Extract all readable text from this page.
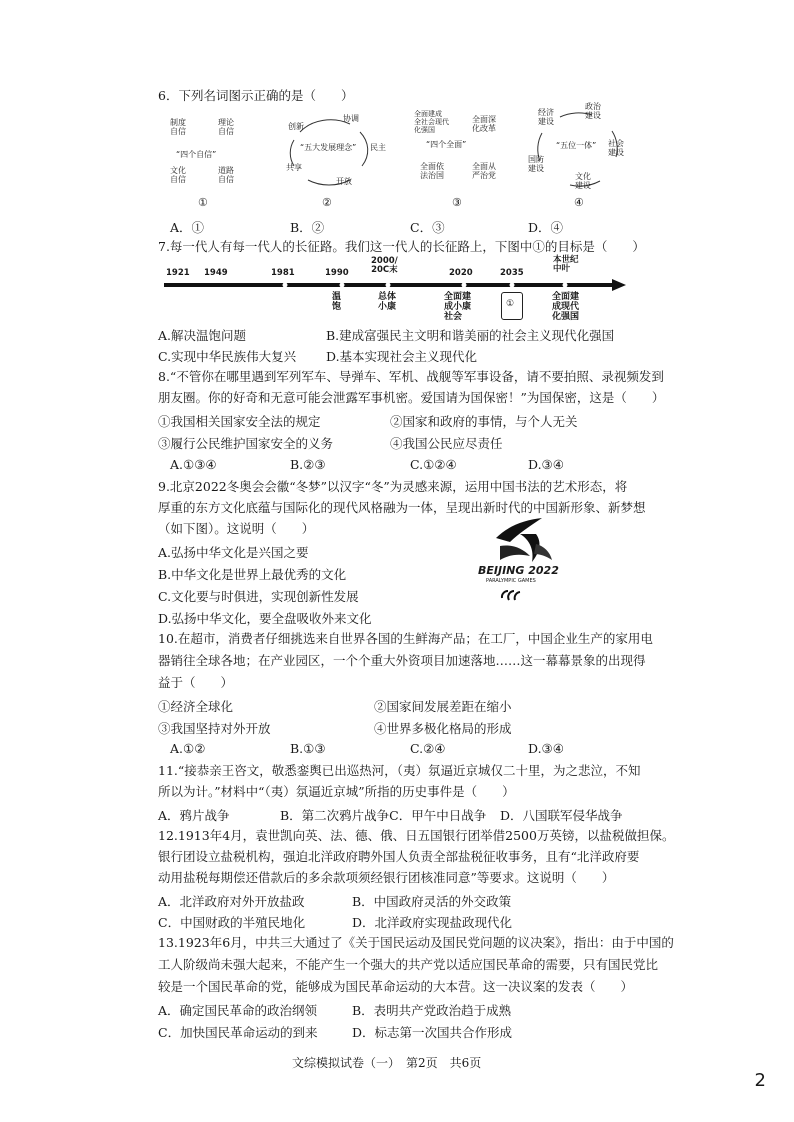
6．下列名词图示正确的是（　　）
制度
自信
理论
自信
“四个自信”
文化
自信
道路
自信
①
协调
创新
民主
“五大发展理念”
共享
开放
②
全面建成
全社会现代
化强国
全面深
化改革
“四个全面”
全面依
法治国
全面从
严治党
③
经济
建设
政治
建设
“五位一体” 社会
建设
国防
建设
文化
建设
④
A．①	B．②	C．③	D．④
7.每一代人有每一代人的长征路。我们这一代人的长征路上，下图中①的目标是（　　）
1921 1949	1981	1990
2000/
20C末	2020	2035
本世纪
中叶
温
饱
总体
小康
全面建
成小康
社会
①
全面建
成现代
化强国
A.解决温饱问题	B.建成富强民主文明和谐美丽的社会主义现代化强国
C.实现中华民族伟大复兴 D.基本实现社会主义现代化
8.“不管你在哪里遇到军列军车、导弹车、军机、战舰等军事设备，请不要拍照、录视频发到
朋友圈。你的好奇和无意可能会泄露军事机密。爱国请为国保密！”为国保密，这是（　　）
①我国相关国家安全法的规定	②国家和政府的事情，与个人无关
③履行公民维护国家安全的义务	④我国公民应尽责任
A.①③④	B.②③	C.①②④	D.③④
9.北京2022冬奥会会徽“冬梦”以汉字“冬”为灵感来源，运用中国书法的艺术形态，将
厚重的东方文化底蕴与国际化的现代风格融为一体，呈现出新时代的中国新形象、新梦想
（如下图）。这说明（　　）
A.弘扬中华文化是兴国之要
B.中华文化是世界上最优秀的文化
C.文化要与时俱进，实现创新性发展
D.弘扬中华文化，要全盘吸收外来文化
BEIJING 2022
PARALYMPIC GAMES
10.在超市，消费者仔细挑选来自世界各国的生鲜海产品；在工厂，中国企业生产的家用电
器销往全球各地；在产业园区，一个个重大外资项目加速落地……这一幕幕景象的出现得
益于（　　）
①经济全球化	②国家间发展差距在缩小
③我国坚持对外开放	④世界多极化格局的形成
A.①②	B.①③	C.②④	D.③④
11.“接恭亲王咨文，敬悉銮舆已出巡热河，（夷）氛逼近京城仅二十里，为之悲泣，不知
所以为计。”材料中“（夷）氛逼近京城”所指的历史事件是（　　）
A．鸦片战争	B．第二次鸦片战争C．甲午中日战争 D．八国联军侵华战争
12.1913年4月，袁世凯向英、法、德、俄、日五国银行团举借2500万英镑，以盐税做担保。
银行团设立盐税机构，强迫北洋政府聘外国人负责全部盐税征收事务，且有“北洋政府要
动用盐税每期偿还借款后的多余款项须经银行团核准同意”等要求。这说明（　　）
A．北洋政府对外开放盐政	B．中国政府灵活的外交政策
C．中国财政的半殖民地化	D．北洋政府实现盐政现代化
13.1923年6月，中共三大通过了《关于国民运动及国民党问题的议决案》，指出：由于中国的
工人阶级尚未强大起来，不能产生一个强大的共产党以适应国民革命的需要，只有国民党比
较是一个国民革命的党，能够成为国民革命运动的大本营。这一决议案的发表（　　）
A．确定国民革命的政治纲领	B．表明共产党政治趋于成熟
C．加快国民革命运动的到来	D．标志第一次国共合作形成
文综模拟试卷（一）　第2页　共6页
2
